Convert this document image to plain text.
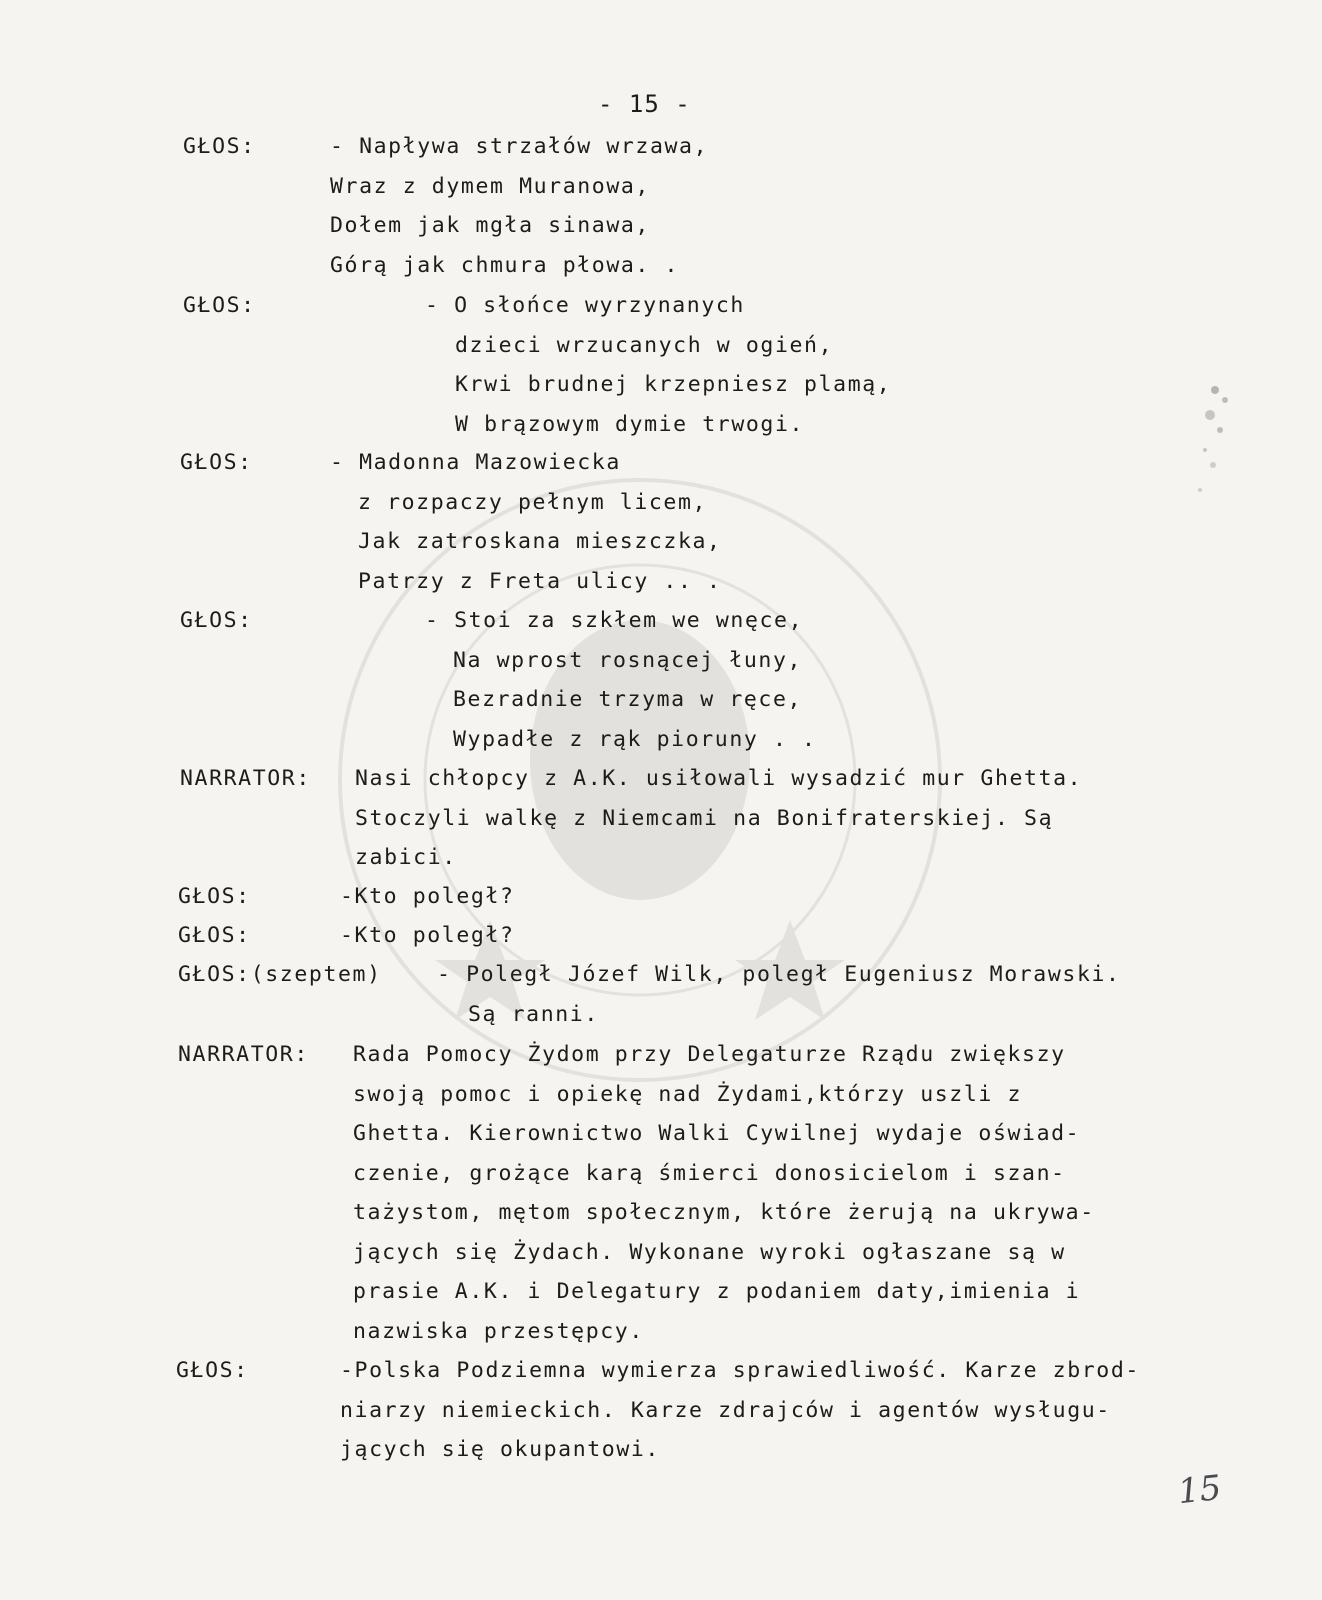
- 15 -
GŁOS:	- Napływa strzałów wrzawa,
Wraz z dymem Muranowa,
Dołem jak mgła sinawa,
Górą jak chmura płowa. .
GŁOS:	- O słońce wyrzynanych
dzieci wrzucanych w ogień,
Krwi brudnej krzepniesz plamą,
W brązowym dymie trwogi.
GŁOS:	- Madonna Mazowiecka
z rozpaczy pełnym licem,
Jak zatroskana mieszczka,
Patrzy z Freta ulicy .. .
GŁOS:	- Stoi za szkłem we wnęce,
Na wprost rosnącej łuny,
Bezradnie trzyma w ręce,
Wypadłe z rąk pioruny . .
NARRATOR: Nasi chłopcy z A.K. usiłowali wysadzić mur Ghetta.
Stoczyli walkę z Niemcami na Bonifraterskiej. Są
zabici.
GŁOS:	-Kto poległ?
GŁOS:	-Kto poległ?
GŁOS:(szeptem)	- Poległ Józef Wilk, poległ Eugeniusz Morawski.
Są ranni.
NARRATOR: Rada Pomocy Żydom przy Delegaturze Rządu zwiększy
swoją pomoc i opiekę nad Żydami,którzy uszli z
Ghetta. Kierownictwo Walki Cywilnej wydaje oświad-
czenie, grożące karą śmierci donosicielom i szan-
tażystom, mętom społecznym, które żerują na ukrywa-
jących się Żydach. Wykonane wyroki ogłaszane są w
prasie A.K. i Delegatury z podaniem daty,imienia i
nazwiska przestępcy.
GŁOS:	-Polska Podziemna wymierza sprawiedliwość. Karze zbrod-
niarzy niemieckich. Karze zdrajców i agentów wysługu-
jących się okupantowi.
15
